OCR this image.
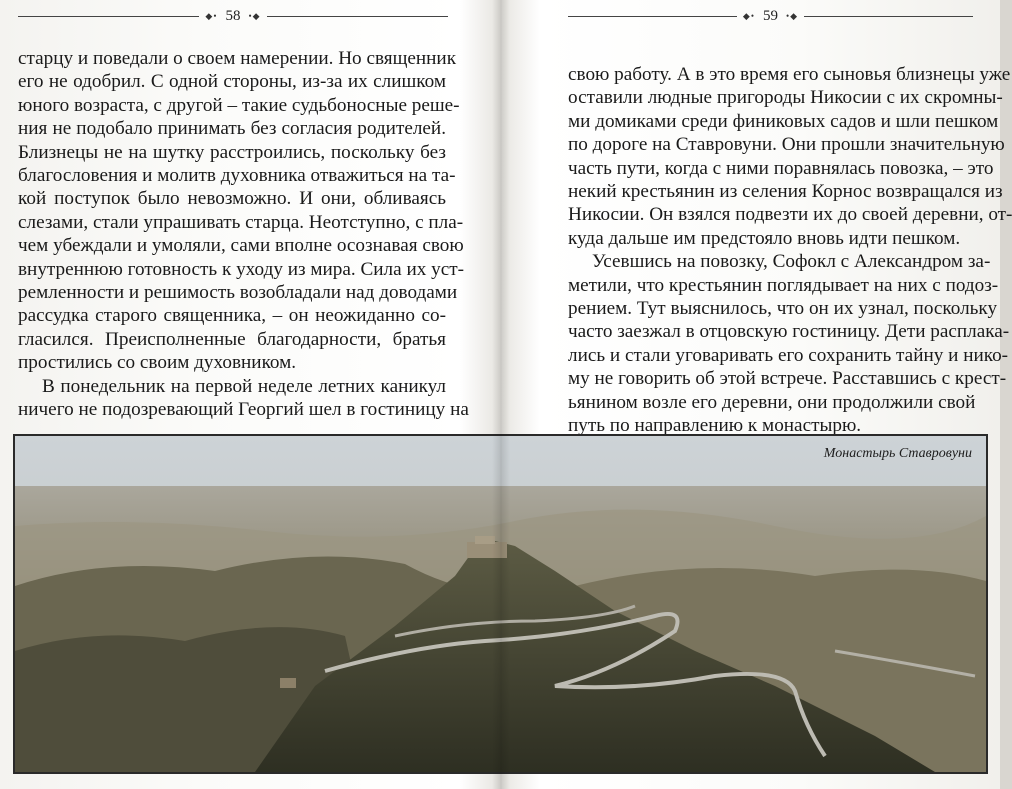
◆• 58 •◆	◆• 59 •◆
старцу и поведали о своем намерении. Но священник
его не одобрил. С одной стороны, из-за их слишком
юного возраста, с другой – такие судьбоносные реше-
ния не подобало принимать без согласия родителей.
Близнецы не на шутку расстроились, поскольку без
благословения и молитв духовника отважиться на та-
кой поступок было невозможно. И они, обливаясь
слезами, стали упрашивать старца. Неотступно, с пла-
чем убеждали и умоляли, сами вполне осознавая свою
внутреннюю готовность к уходу из мира. Сила их уст-
ремленности и решимость возобладали над доводами
рассудка старого священника, – он неожиданно со-
гласился. Преисполненные благодарности, братья
простились со своим духовником.
В понедельник на первой неделе летних каникул
ничего не подозревающий Георгий шел в гостиницу на
свою работу. А в это время его сыновья близнецы уже
оставили людные пригороды Никосии с их скромны-
ми домиками среди финиковых садов и шли пешком
по дороге на Ставровуни. Они прошли значительную
часть пути, когда с ними поравнялась повозка, – это
некий крестьянин из селения Корнос возвращался из
Никосии. Он взялся подвезти их до своей деревни, от-
куда дальше им предстояло вновь идти пешком.
Усевшись на повозку, Софокл с Александром за-
метили, что крестьянин поглядывает на них с подоз-
рением. Тут выяснилось, что он их узнал, поскольку
часто заезжал в отцовскую гостиницу. Дети расплака-
лись и стали уговаривать его сохранить тайну и нико-
му не говорить об этой встрече. Расставшись с крест-
ьянином возле его деревни, они продолжили свой
путь по направлению к монастырю.
Монастырь Ставровуни
